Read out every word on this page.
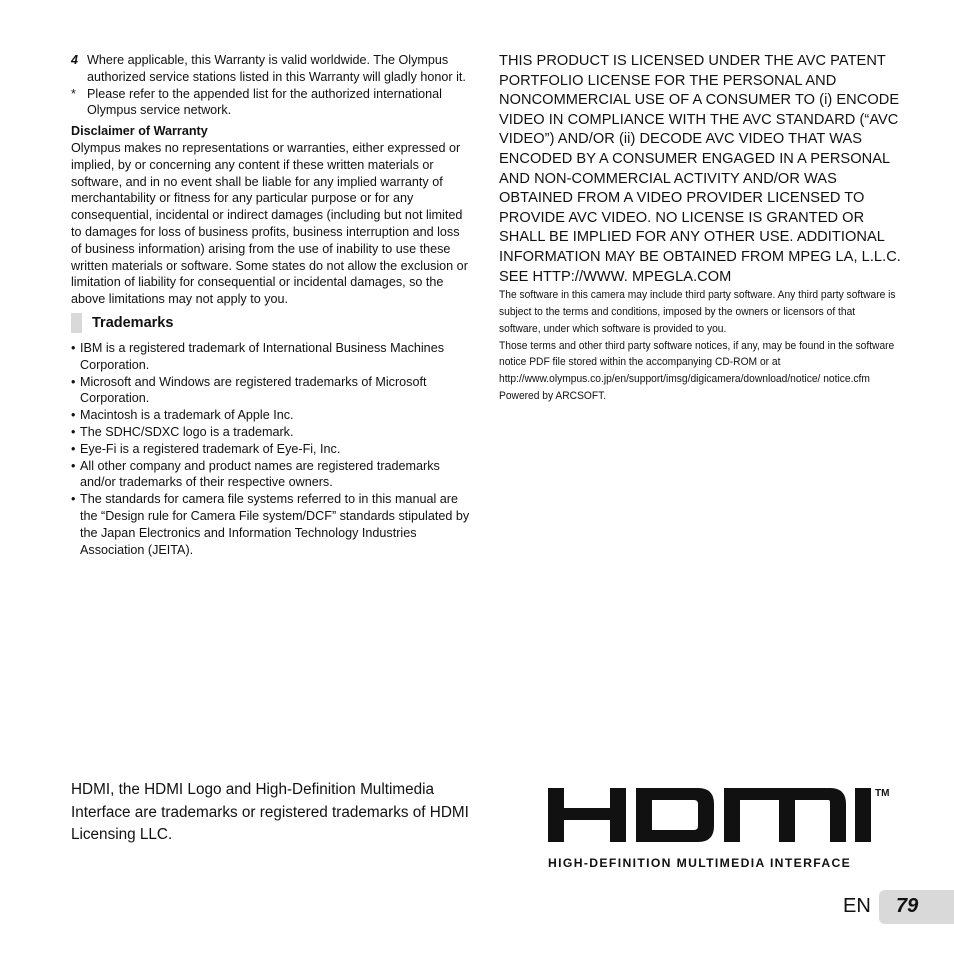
4 Where applicable, this Warranty is valid worldwide. The Olympus authorized service stations listed in this Warranty will gladly honor it.
* Please refer to the appended list for the authorized international Olympus service network.
Disclaimer of Warranty
Olympus makes no representations or warranties, either expressed or implied, by or concerning any content if these written materials or software, and in no event shall be liable for any implied warranty of merchantability or fitness for any particular purpose or for any consequential, incidental or indirect damages (including but not limited to damages for loss of business profits, business interruption and loss of business information) arising from the use of inability to use these written materials or software. Some states do not allow the exclusion or limitation of liability for consequential or incidental damages, so the above limitations may not apply to you.
Trademarks
• IBM is a registered trademark of International Business Machines Corporation.
• Microsoft and Windows are registered trademarks of Microsoft Corporation.
• Macintosh is a trademark of Apple Inc.
• The SDHC/SDXC logo is a trademark.
• Eye-Fi is a registered trademark of Eye-Fi, Inc.
• All other company and product names are registered trademarks and/or trademarks of their respective owners.
• The standards for camera file systems referred to in this manual are the “Design rule for Camera File system/DCF” standards stipulated by the Japan Electronics and Information Technology Industries Association (JEITA).
THIS PRODUCT IS LICENSED UNDER THE AVC PATENT PORTFOLIO LICENSE FOR THE PERSONAL AND NONCOMMERCIAL USE OF A CONSUMER TO (i) ENCODE VIDEO IN COMPLIANCE WITH THE AVC STANDARD (“AVC VIDEO”) AND/OR (ii) DECODE AVC VIDEO THAT WAS ENCODED BY A CONSUMER ENGAGED IN A PERSONAL AND NON-COMMERCIAL ACTIVITY AND/OR WAS OBTAINED FROM A VIDEO PROVIDER LICENSED TO PROVIDE AVC VIDEO. NO LICENSE IS GRANTED OR SHALL BE IMPLIED FOR ANY OTHER USE. ADDITIONAL INFORMATION MAY BE OBTAINED FROM MPEG LA, L.L.C. SEE HTTP://WWW. MPEGLA.COM

The software in this camera may include third party software. Any third party software is subject to the terms and conditions, imposed by the owners or licensors of that software, under which software is provided to you.

Those terms and other third party software notices, if any, may be found in the software notice PDF file stored within the accompanying CD-ROM or at http://www.olympus.co.jp/en/support/imsg/digicamera/download/notice/ notice.cfm

Powered by ARCSOFT.

HDMI, the HDMI Logo and High-Definition Multimedia Interface are trademarks or registered trademarks of HDMI Licensing LLC.
TM
HIGH-DEFINITION MULTIMEDIA INTERFACE
EN 79
